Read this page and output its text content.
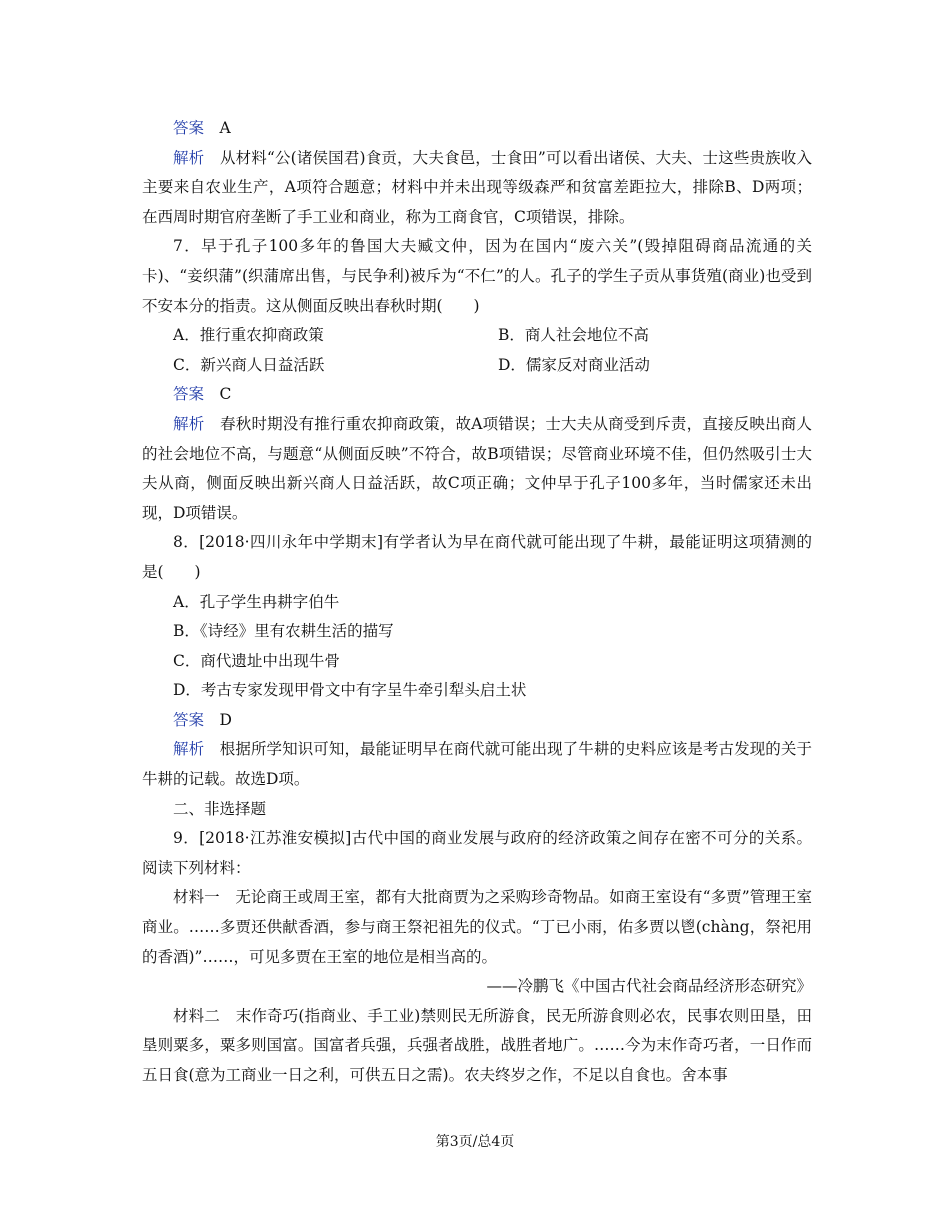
答案　 A

解析　 从材料“公(诸侯国君)食贡，大夫食邑，士食田”可以看出诸侯、大夫、士这些贵族收入主要来自农业生产，A项符合题意；材料中并未出现等级森严和贫富差距拉大，排除B、D两项；在西周时期官府垄断了手工业和商业，称为工商食官，C项错误，排除。

7．早于孔子100多年的鲁国大夫臧文仲，因为在国内“废六关”(毁掉阻碍商品流通的关卡)、“妾织蒲”(织蒲席出售，与民争利)被斥为“不仁”的人。孔子的学生子贡从事货殖(商业)也受到不安本分的指责。这从侧面反映出春秋时期(　　)

A．推行重农抑商政策	B．商人社会地位不高
C．新兴商人日益活跃	D．儒家反对商业活动

答案　 C

解析　 春秋时期没有推行重农抑商政策，故A项错误；士大夫从商受到斥责，直接反映出商人的社会地位不高，与题意“从侧面反映”不符合，故B项错误；尽管商业环境不佳，但仍然吸引士大夫从商，侧面反映出新兴商人日益活跃，故C项正确；文仲早于孔子100多年，当时儒家还未出现，D项错误。

8．[2018·四川永年中学期末]有学者认为早在商代就可能出现了牛耕，最能证明这项猜测的是(　　)

A．孔子学生冉耕字伯牛

B．《诗经》里有农耕生活的描写

C．商代遗址中出现牛骨

D．考古专家发现甲骨文中有字呈牛牵引犁头启土状

答案　 D

解析　 根据所学知识可知，最能证明早在商代就可能出现了牛耕的史料应该是考古发现的关于牛耕的记载。故选D项。

二、非选择题

9．[2018·江苏淮安模拟]古代中国的商业发展与政府的经济政策之间存在密不可分的关系。阅读下列材料：

材料一　 无论商王或周王室，都有大批商贾为之采购珍奇物品。如商王室设有“多贾”管理王室商业。……多贾还供献香酒，参与商王祭祀祖先的仪式。“丁已小雨，佑多贾以鬯(chàng，祭祀用的香酒)”……，可见多贾在王室的地位是相当高的。

——冷鹏飞《中国古代社会商品经济形态研究》

材料二　 末作奇巧(指商业、手工业)禁则民无所游食，民无所游食则必农，民事农则田垦，田垦则粟多，粟多则国富。国富者兵强，兵强者战胜，战胜者地广。……今为末作奇巧者，一日作而五日食(意为工商业一日之利，可供五日之需)。农夫终岁之作，不足以自食也。舍本事

第3页/总4页
